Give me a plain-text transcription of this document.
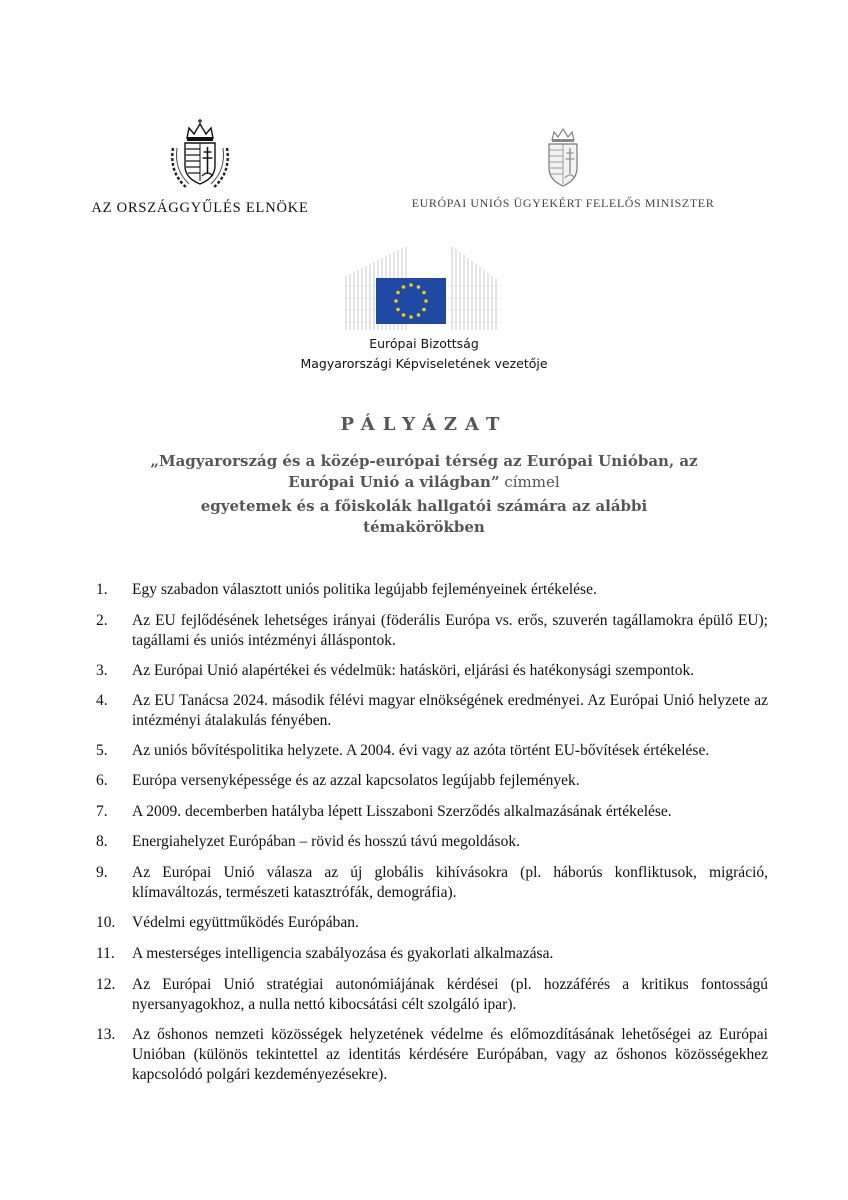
AZ ORSZÁGGYŰLÉS ELNÖKE	EURÓPAI UNIÓS ÜGYEKÉRT FELELŐS MINISZTER
Európai Bizottság
Magyarországi Képviseletének vezetője
PÁLYÁZAT
„Magyarország és a közép-európai térség az Európai Unióban, az
Európai Unió a világban” címmel
egyetemek és a főiskolák hallgatói számára az alábbi
témakörökben
1.	Egy szabadon választott uniós politika legújabb fejleményeinek értékelése.
2.	Az EU fejlődésének lehetséges irányai (föderális Európa vs. erős, szuverén tagállamokra épülő EU); tagállami és uniós intézményi álláspontok.
3.	Az Európai Unió alapértékei és védelmük: hatásköri, eljárási és hatékonysági szempontok.
4.	Az EU Tanácsa 2024. második félévi magyar elnökségének eredményei. Az Európai Unió helyzete az intézményi átalakulás fényében.
5.	Az uniós bővítéspolitika helyzete. A 2004. évi vagy az azóta történt EU-bővítések értékelése.
6.	Európa versenyképessége és az azzal kapcsolatos legújabb fejlemények.
7.	A 2009. decemberben hatályba lépett Lisszaboni Szerződés alkalmazásának értékelése.
8.	Energiahelyzet Európában – rövid és hosszú távú megoldások.
9.	Az Európai Unió válasza az új globális kihívásokra (pl. háborús konfliktusok, migráció, klímaváltozás, természeti katasztrófák, demográfia).
10.	Védelmi együttműködés Európában.
11.	A mesterséges intelligencia szabályozása és gyakorlati alkalmazása.
12.	Az Európai Unió stratégiai autonómiájának kérdései (pl. hozzáférés a kritikus fontosságú nyersanyagokhoz, a nulla nettó kibocsátási célt szolgáló ipar).
13.	Az őshonos nemzeti közösségek helyzetének védelme és előmozdításának lehetőségei az Európai Unióban (különös tekintettel az identitás kérdésére Európában, vagy az őshonos közösségekhez kapcsolódó polgári kezdeményezésekre).
